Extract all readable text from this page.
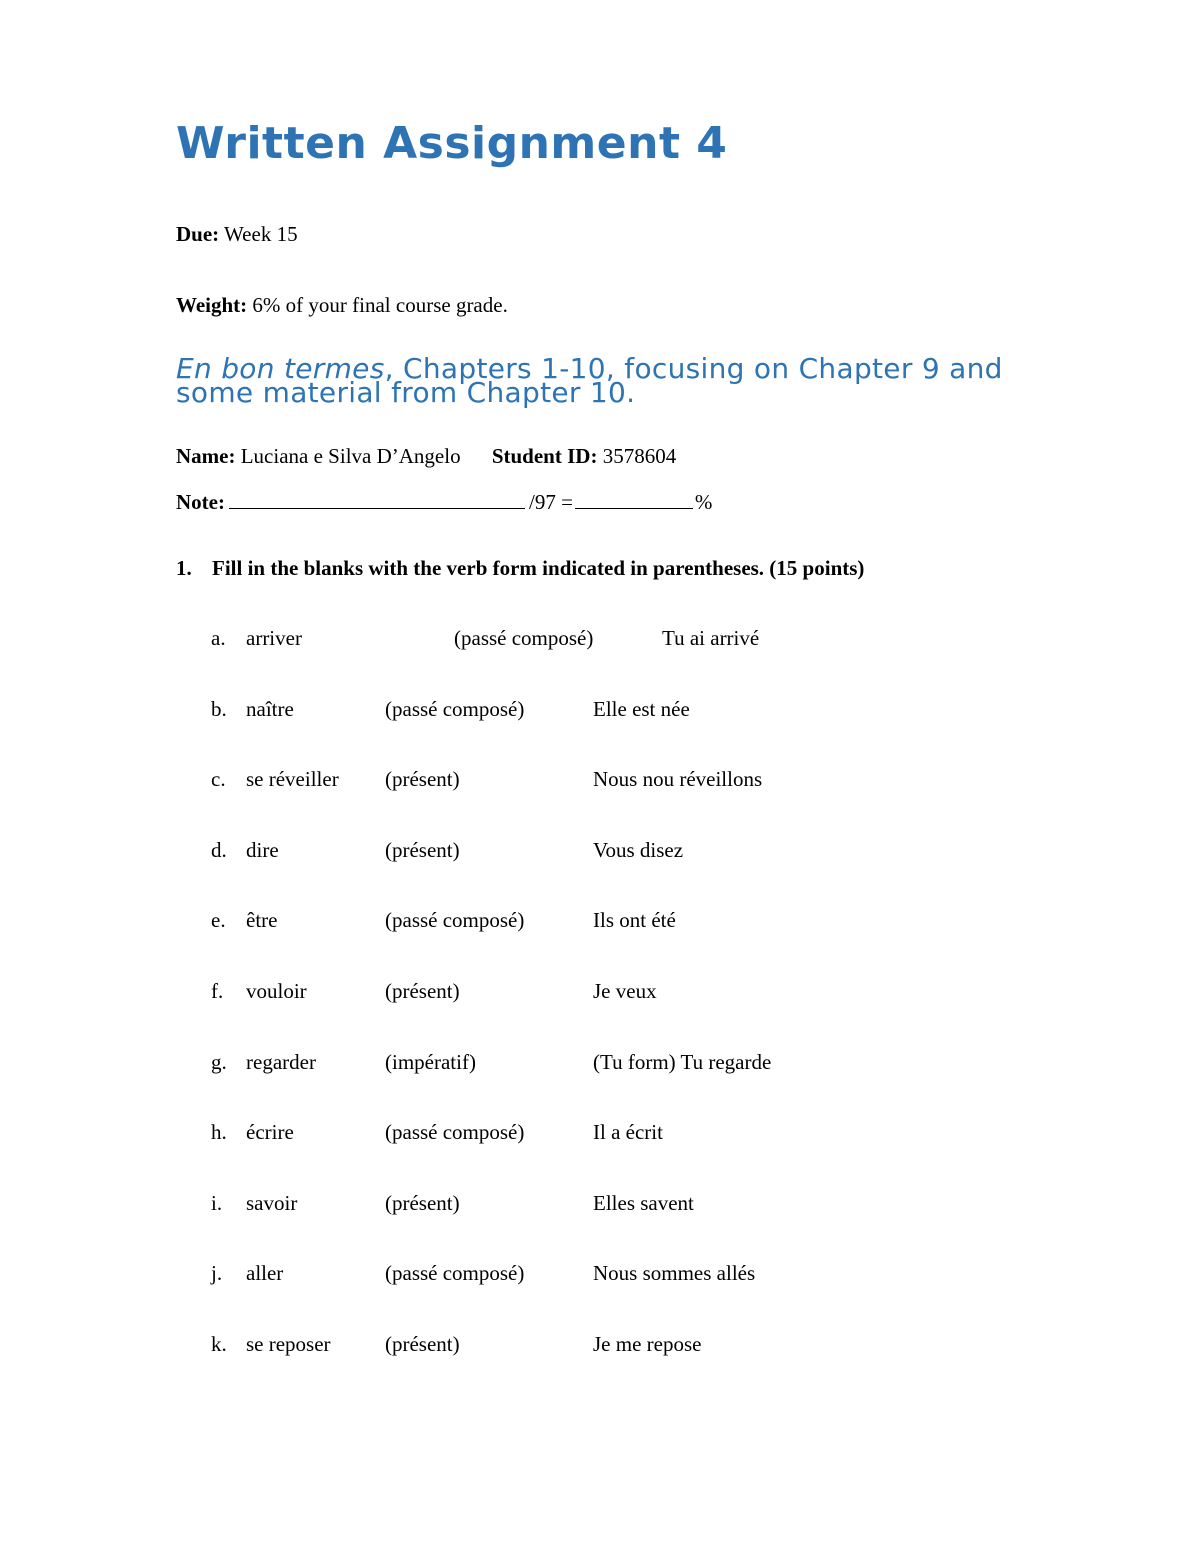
Written Assignment 4

Due: Week 15

Weight: 6% of your final course grade.

En bon termes, Chapters 1-10, focusing on Chapter 9 and some material from Chapter 10.

Name: Luciana e Silva D’Angelo Student ID: 3578604
Note:	/97 =	%

1. Fill in the blanks with the verb form indicated in parentheses. (15 points)

a. arriver	(passé composé)	Tu ai arrivé
b. naître	(passé composé)	Elle est née
c. se réveiller (présent)	Nous nou réveillons
d. dire	(présent)	Vous disez
e. être	(passé composé)	Ils ont été
f. vouloir	(présent)	Je veux
g. regarder	(impératif)	(Tu form) Tu regarde
h. écrire	(passé composé)	Il a écrit
i. savoir	(présent)	Elles savent
j. aller	(passé composé)	Nous sommes allés
k. se reposer	(présent)	Je me repose
